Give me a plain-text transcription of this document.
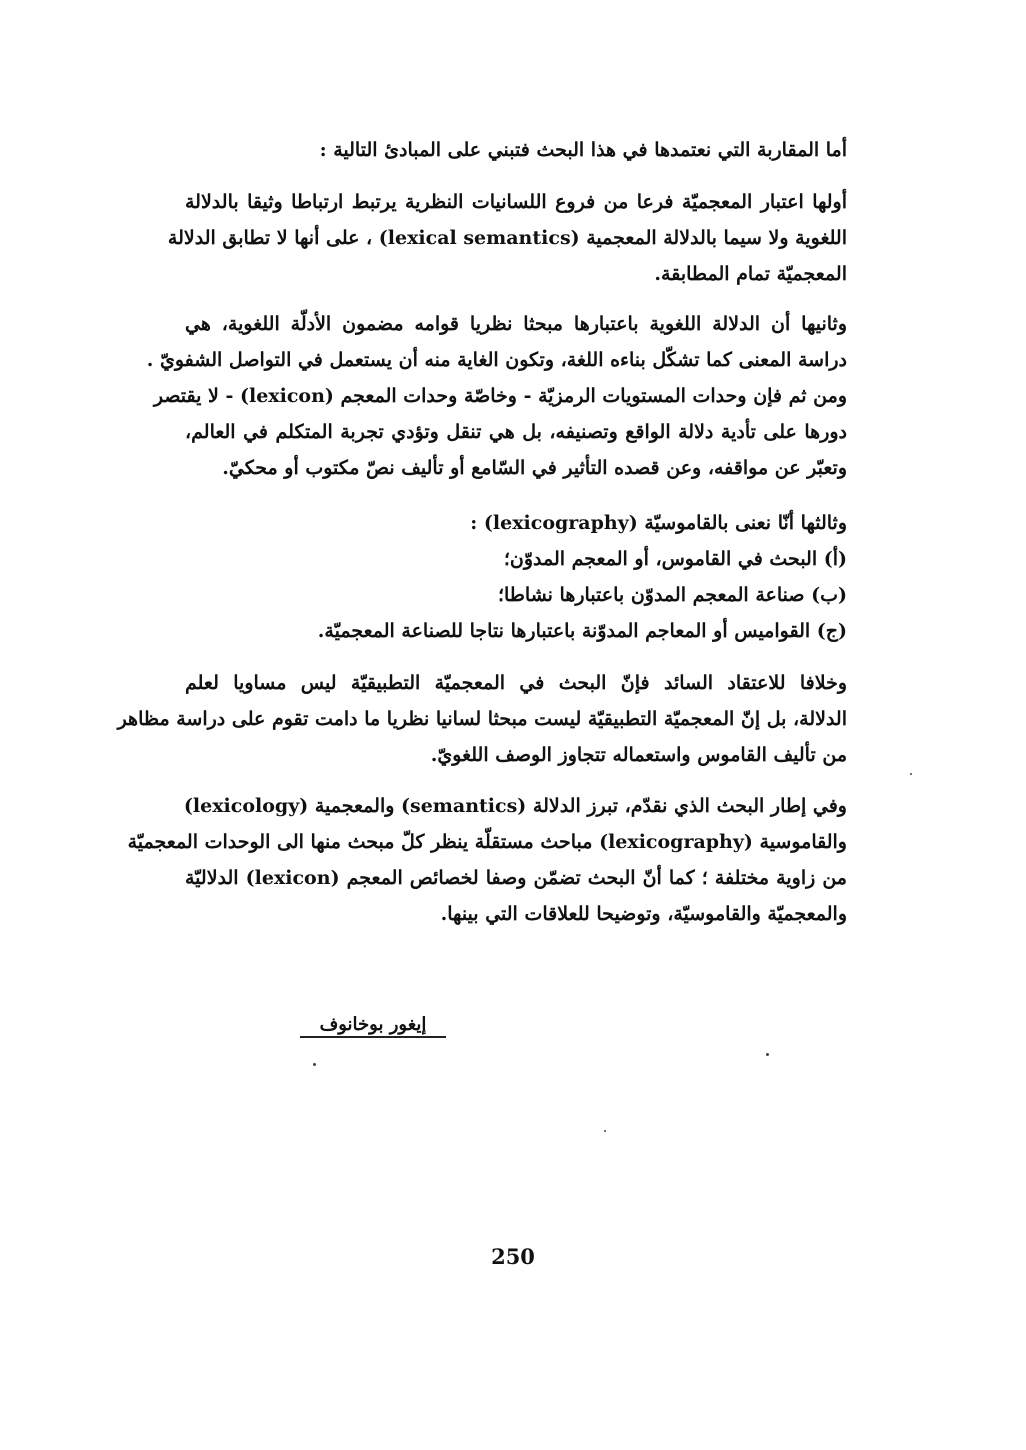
أما المقاربة التي نعتمدها في هذا البحث فتبني على المبادئ التالية :
أولها اعتبار المعجميّة فرعا من فروع اللسانيات النظرية يرتبط ارتباطا وثيقا بالدلالة
اللغوية ولا سيما بالدلالة المعجمية (lexical semantics) ، على أنها لا تطابق الدلالة
المعجميّة تمام المطابقة.
وثانيها أن الدلالة اللغوية باعتبارها مبحثا نظريا قوامه مضمون الأدلّة اللغوية، هي
دراسة المعنى كما تشكّل بناءه اللغة، وتكون الغاية منه أن يستعمل في التواصل الشفويّ .
ومن ثم فإن وحدات المستويات الرمزيّة - وخاصّة وحدات المعجم (lexicon) - لا يقتصر
دورها على تأدية دلالة الواقع وتصنيفه، بل هي تنقل وتؤدي تجربة المتكلم في العالم،
وتعبّر عن مواقفه، وعن قصده التأثير في السّامع أو تأليف نصّ مكتوب أو محكيّ.
وثالثها أنّا نعنى بالقاموسيّة (lexicography) :
(أ) البحث في القاموس، أو المعجم المدوّن؛
(ب) صناعة المعجم المدوّن باعتبارها نشاطا؛
(ج) القواميس أو المعاجم المدوّنة باعتبارها نتاجا للصناعة المعجميّة.
وخلافا للاعتقاد السائد فإنّ البحث في المعجميّة التطبيقيّة ليس مساويا لعلم
الدلالة، بل إنّ المعجميّة التطبيقيّة ليست مبحثا لسانيا نظريا ما دامت تقوم على دراسة مظاهر
من تأليف القاموس واستعماله تتجاوز الوصف اللغويّ.
وفي إطار البحث الذي نقدّم، تبرز الدلالة (semantics) والمعجمية (lexicology)
والقاموسية (lexicography) مباحث مستقلّة ينظر كلّ مبحث منها الى الوحدات المعجميّة
من زاوية مختلفة ؛ كما أنّ البحث تضمّن وصفا لخصائص المعجم (lexicon) الدلاليّة
والمعجميّة والقاموسيّة، وتوضيحا للعلاقات التي بينها.
إيغور بوخانوف
250
